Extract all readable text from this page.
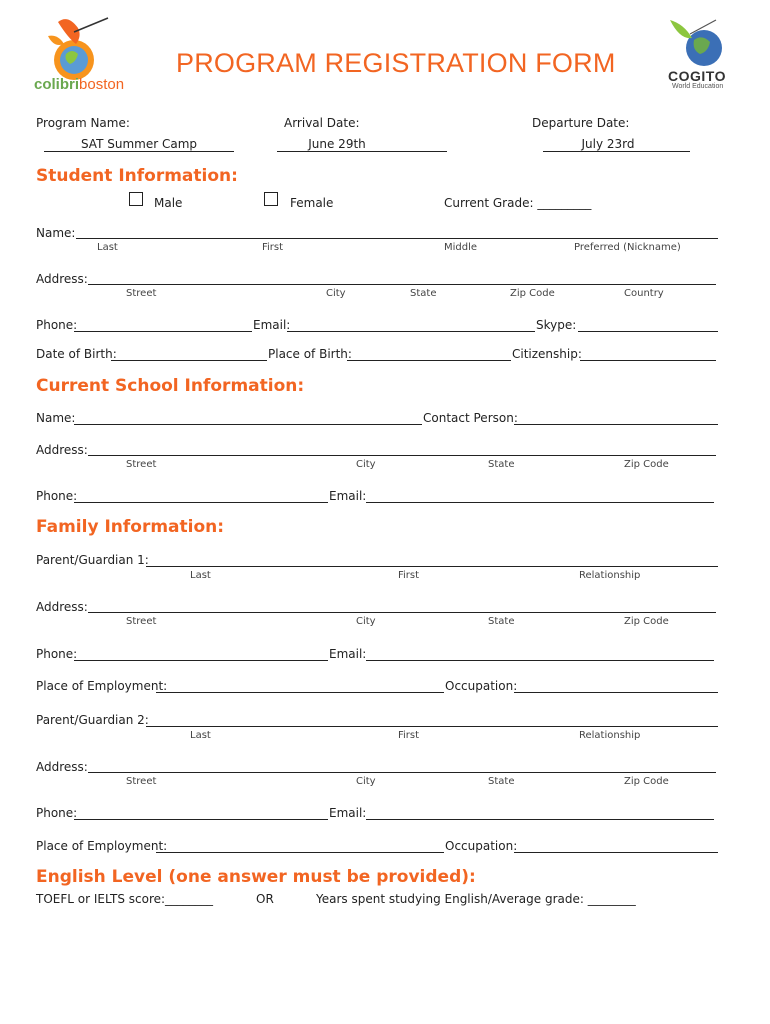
colibriboston
PROGRAM REGISTRATION FORM	COGITO
World Education
Program Name:	Arrival Date:	Departure Date:
SAT Summer Camp	June 29th	July 23rd
Student Information:
Male	Female	Current Grade: _________
Name:
Last	First	Middle	Preferred (Nickname)
Address:
Street	City	State	Zip Code	Country
Phone:	Email:	Skype:
Date of Birth:	Place of Birth:	Citizenship:
Current School Information:
Name:	Contact Person:
Address:
Street	City	State	Zip Code
Phone:	Email:
Family Information:
Parent/Guardian 1:
Last	First	Relationship
Address:
Street	City	State	Zip Code
Phone:	Email:
Place of Employment:	Occupation:
Parent/Guardian 2:
Last	First	Relationship
Address:
Street	City	State	Zip Code
Phone:	Email:
Place of Employment:	Occupation:
English Level (one answer must be provided):
TOEFL or IELTS score:________	OR	Years spent studying English/Average grade: ________
